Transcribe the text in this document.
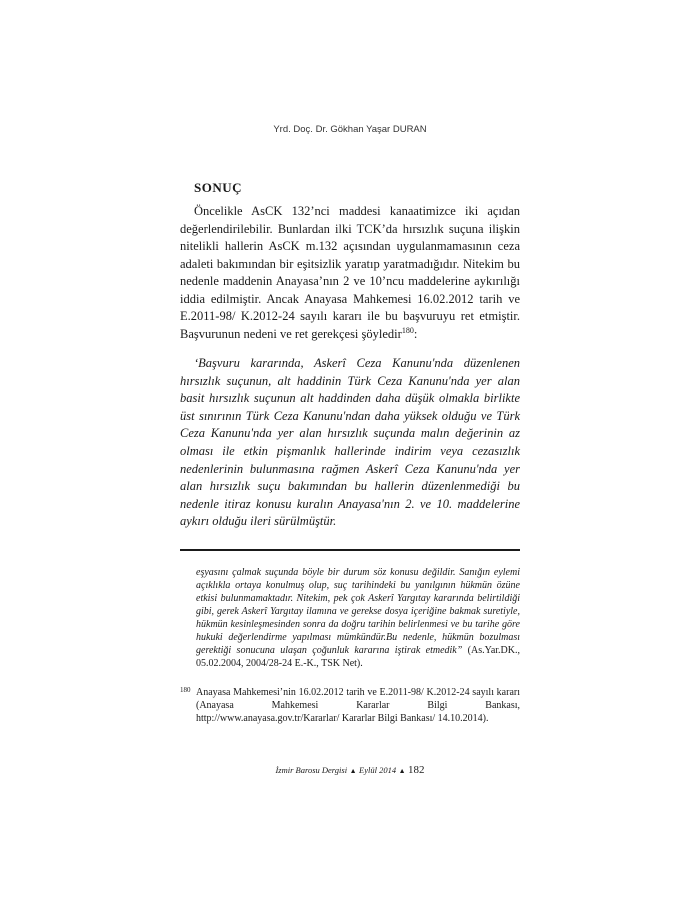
Yrd. Doç. Dr. Gökhan Yaşar DURAN
SONUÇ
Öncelikle AsCK 132’nci maddesi kanaatimizce iki açıdan değerlendirilebilir. Bunlardan ilki TCK’da hırsızlık suçuna ilişkin nitelikli hallerin AsCK m.132 açısından uygulanmamasının ceza adaleti bakımından bir eşitsizlik yaratıp yaratmadığıdır. Nitekim bu nedenle maddenin Anayasa’nın 2 ve 10’ncu maddelerine aykırılığı iddia edilmiştir. Ancak Anayasa Mahkemesi 16.02.2012 tarih ve E.2011-98/ K.2012-24 sayılı kararı ile bu başvuruyu ret etmiştir. Başvurunun nedeni ve ret gerekçesi şöyledir$^{180}$:
‘Başvuru kararında, Askerî Ceza Kanunu'nda düzenlenen hırsızlık suçunun, alt haddinin Türk Ceza Kanunu'nda yer alan basit hırsızlık suçunun alt haddinden daha düşük olmakla birlikte üst sınırının Türk Ceza Kanunu'ndan daha yüksek olduğu ve Türk Ceza Kanunu'nda yer alan hırsızlık suçunda malın değerinin az olması ile etkin pişmanlık hallerinde indirim veya cezasızlık nedenlerinin bulunmasına rağmen Askerî Ceza Kanunu'nda yer alan hırsızlık suçu bakımından bu hallerin düzenlenmediği bu nedenle itiraz konusu kuralın Anayasa'nın 2. ve 10. maddelerine aykırı olduğu ileri sürülmüştür.
eşyasını çalmak suçunda böyle bir durum söz konusu değildir. Sanığın eylemi açıklıkla ortaya konulmuş olup, suç tarihindeki bu yanılgının hükmün özüne etkisi bulunmamaktadır. Nitekim, pek çok Askerî Yargıtay kararında belirtildiği gibi, gerek Askerî Yargıtay ilamına ve gerekse dosya içeriğine bakmak suretiyle, hükmün kesinleşmesinden sonra da doğru tarihin belirlenmesi ve bu tarihe göre hukuki değerlendirme yapılması mümkündür.Bu nedenle, hükmün bozulması gerektiği sonucuna ulaşan çoğunluk kararına iştirak etmedik” (As.Yar.DK., 05.02.2004, 2004/28-24 E.-K., TSK Net).
180 Anayasa Mahkemesi’nin 16.02.2012 tarih ve E.2011-98/ K.2012-24 sayılı kararı (Anayasa Mahkemesi Kararlar Bilgi Bankası, http://www.anayasa.gov.tr/Kararlar/ Kararlar Bilgi Bankası/ 14.10.2014).
İzmir Barosu Dergisi ▲ Eylül 2014 ▲ 182
